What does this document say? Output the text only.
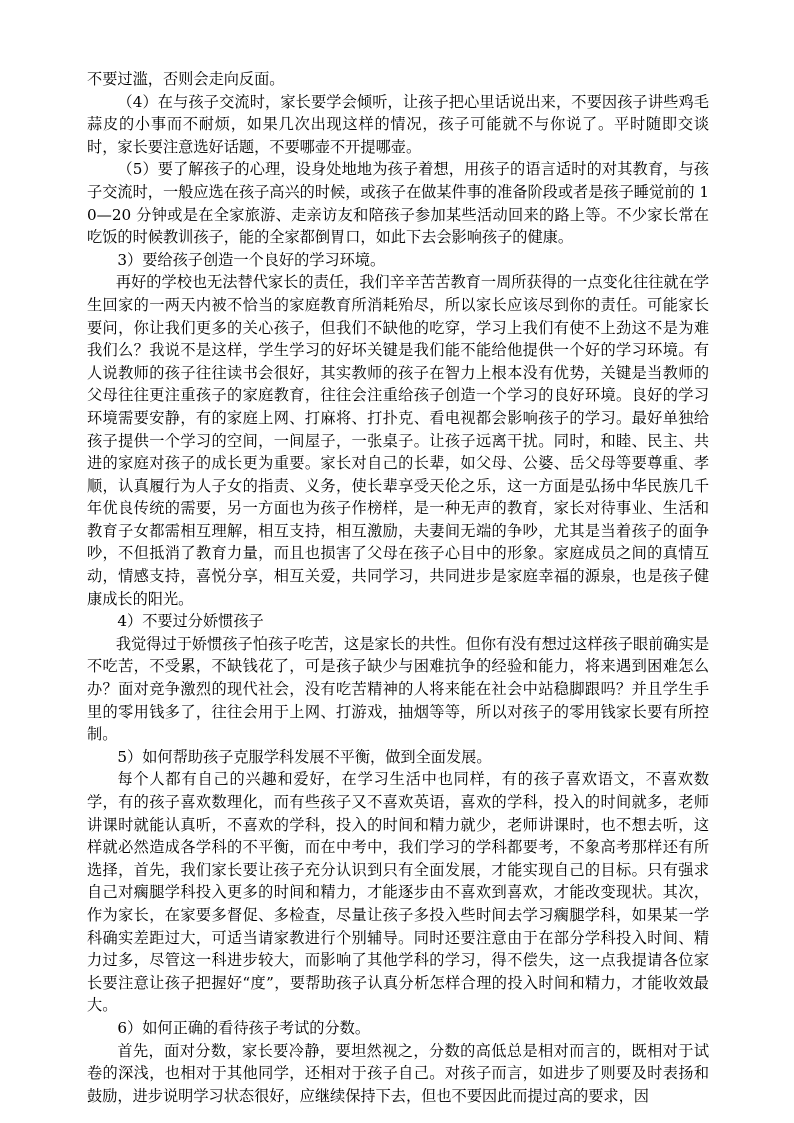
不要过滥，否则会走向反面。

（4）在与孩子交流时，家长要学会倾听，让孩子把心里话说出来，不要因孩子讲些鸡毛蒜皮的小事而不耐烦，如果几次出现这样的情况，孩子可能就不与你说了。平时随即交谈时，家长要注意选好话题，不要哪壶不开提哪壶。

（5）要了解孩子的心理，设身处地地为孩子着想，用孩子的语言适时的对其教育，与孩子交流时，一般应选在孩子高兴的时候，或孩子在做某件事的准备阶段或者是孩子睡觉前的 10—20 分钟或是在全家旅游、走亲访友和陪孩子参加某些活动回来的路上等。不少家长常在吃饭的时候教训孩子，能的全家都倒胃口，如此下去会影响孩子的健康。

3）要给孩子创造一个良好的学习环境。

再好的学校也无法替代家长的责任，我们辛辛苦苦教育一周所获得的一点变化往往就在学生回家的一两天内被不恰当的家庭教育所消耗殆尽，所以家长应该尽到你的责任。可能家长要问，你让我们更多的关心孩子，但我们不缺他的吃穿，学习上我们有使不上劲这不是为难我们么？我说不是这样，学生学习的好坏关键是我们能不能给他提供一个好的学习环境。有人说教师的孩子往往读书会很好，其实教师的孩子在智力上根本没有优势，关键是当教师的父母往往更注重孩子的家庭教育，往往会注重给孩子创造一个学习的良好环境。良好的学习环境需要安静，有的家庭上网、打麻将、打扑克、看电视都会影响孩子的学习。最好单独给孩子提供一个学习的空间，一间屋子，一张桌子。让孩子远离干扰。同时，和睦、民主、共进的家庭对孩子的成长更为重要。家长对自己的长辈，如父母、公婆、岳父母等要尊重、孝顺，认真履行为人子女的指责、义务，使长辈享受天伦之乐，这一方面是弘扬中华民族几千年优良传统的需要，另一方面也为孩子作榜样，是一种无声的教育，家长对待事业、生活和教育子女都需相互理解，相互支持，相互激励，夫妻间无端的争吵，尤其是当着孩子的面争吵，不但抵消了教育力量，而且也损害了父母在孩子心目中的形象。家庭成员之间的真情互动，情感支持，喜悦分享，相互关爱，共同学习，共同进步是家庭幸福的源泉，也是孩子健康成长的阳光。

4）不要过分娇惯孩子

我觉得过于娇惯孩子怕孩子吃苦，这是家长的共性。但你有没有想过这样孩子眼前确实是不吃苦，不受累，不缺钱花了，可是孩子缺少与困难抗争的经验和能力，将来遇到困难怎么办？面对竞争激烈的现代社会，没有吃苦精神的人将来能在社会中站稳脚跟吗？并且学生手里的零用钱多了，往往会用于上网、打游戏，抽烟等等，所以对孩子的零用钱家长要有所控制。

5）如何帮助孩子克服学科发展不平衡，做到全面发展。

每个人都有自己的兴趣和爱好，在学习生活中也同样，有的孩子喜欢语文，不喜欢数学，有的孩子喜欢数理化，而有些孩子又不喜欢英语，喜欢的学科，投入的时间就多，老师讲课时就能认真听，不喜欢的学科，投入的时间和精力就少，老师讲课时，也不想去听，这样就必然造成各学科的不平衡，而在中考中，我们学习的学科都要考，不象高考那样还有所选择，首先，我们家长要让孩子充分认识到只有全面发展，才能实现自己的目标。只有强求自己对瘸腿学科投入更多的时间和精力，才能逐步由不喜欢到喜欢，才能改变现状。其次，作为家长，在家要多督促、多检查，尽量让孩子多投入些时间去学习瘸腿学科，如果某一学科确实差距过大，可适当请家教进行个别辅导。同时还要注意由于在部分学科投入时间、精力过多，尽管这一科进步较大，而影响了其他学科的学习，得不偿失，这一点我提请各位家长要注意让孩子把握好“度”，要帮助孩子认真分析怎样合理的投入时间和精力，才能收效最大。

6）如何正确的看待孩子考试的分数。

首先，面对分数，家长要冷静，要坦然视之，分数的高低总是相对而言的，既相对于试卷的深浅，也相对于其他同学，还相对于孩子自己。对孩子而言，如进步了则要及时表扬和鼓励，进步说明学习状态很好，应继续保持下去，但也不要因此而提过高的要求，因
